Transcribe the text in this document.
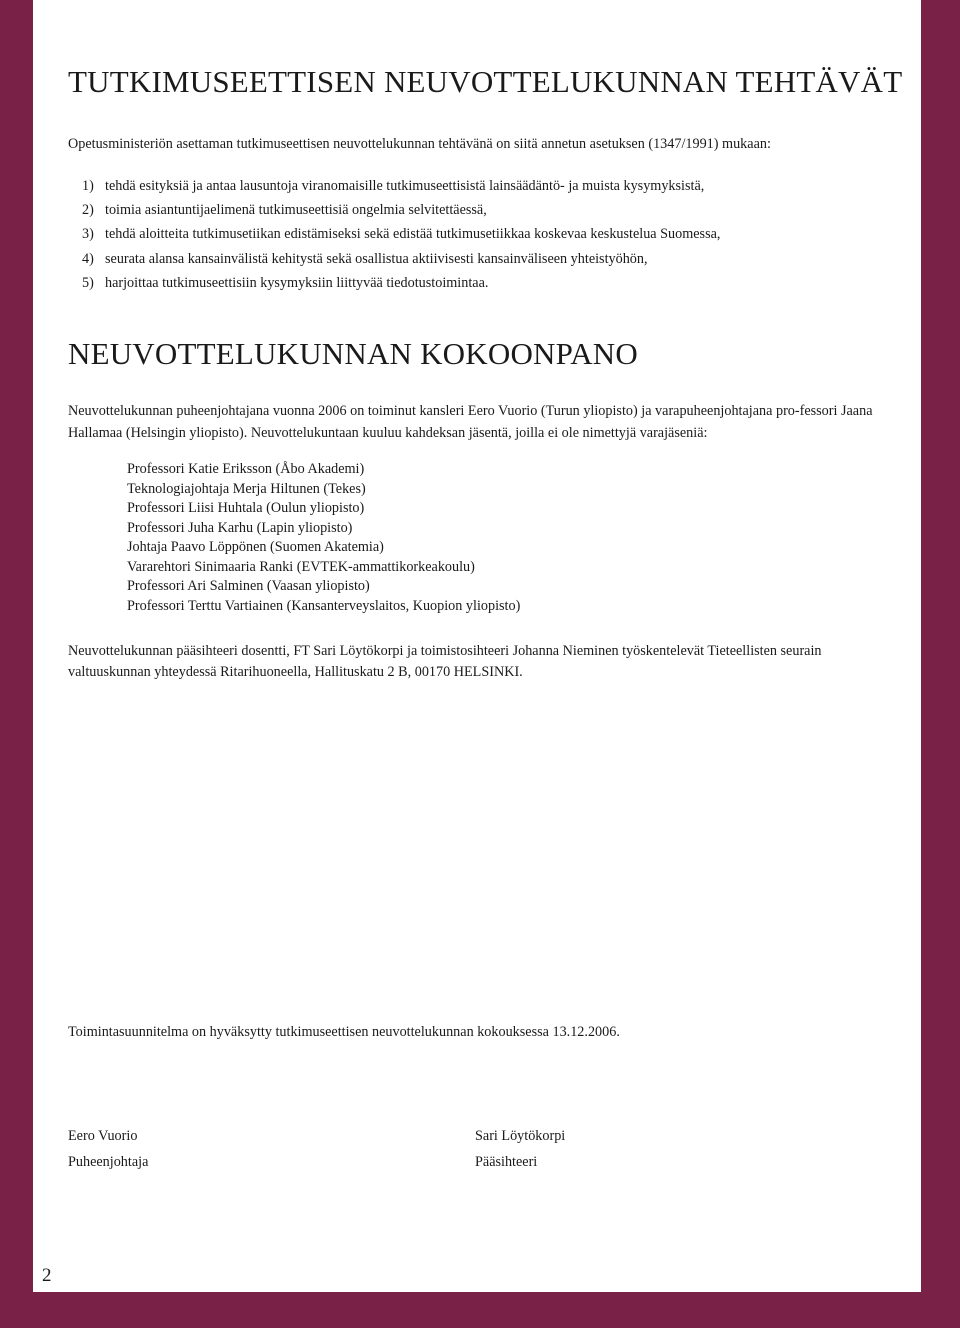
TUTKIMUSEETTISEN NEUVOTTELUKUNNAN TEHTÄVÄT

Opetusministeriön asettaman tutkimuseettisen neuvottelukunnan tehtävänä on siitä annetun asetuksen (1347/1991) mukaan:

1) tehdä esityksiä ja antaa lausuntoja viranomaisille tutkimuseettisistä lainsäädäntö- ja muista kysymyksistä,
2) toimia asiantuntijaelimenä tutkimuseettisiä ongelmia selvitettäessä,
3) tehdä aloitteita tutkimusetiikan edistämiseksi sekä edistää tutkimusetiikkaa koskevaa keskustelua Suomessa,
4) seurata alansa kansainvälistä kehitystä sekä osallistua aktiivisesti kansainväliseen yhteistyöhön,
5) harjoittaa tutkimuseettisiin kysymyksiin liittyvää tiedotustoimintaa.
NEUVOTTELUKUNNAN KOKOONPANO

Neuvottelukunnan puheenjohtajana vuonna 2006 on toiminut kansleri Eero Vuorio (Turun yliopisto) ja varapuheenjohtajana pro-fessori Jaana Hallamaa (Helsingin yliopisto). Neuvottelukuntaan kuuluu kahdeksan jäsentä, joilla ei ole nimettyjä varajäseniä:

Professori Katie Eriksson (Åbo Akademi)
Teknologiajohtaja Merja Hiltunen (Tekes)
Professori Liisi Huhtala (Oulun yliopisto)
Professori Juha Karhu (Lapin yliopisto)
Johtaja Paavo Löppönen (Suomen Akatemia)
Vararehtori Sinimaaria Ranki (EVTEK-ammattikorkeakoulu)
Professori Ari Salminen (Vaasan yliopisto)
Professori Terttu Vartiainen (Kansanterveyslaitos, Kuopion yliopisto)

Neuvottelukunnan pääsihteeri dosentti, FT Sari Löytökorpi ja toimistosihteeri Johanna Nieminen työskentelevät Tieteellisten seurain valtuuskunnan yhteydessä Ritarihuoneella, Hallituskatu 2 B, 00170 HELSINKI.

Toimintasuunnitelma on hyväksytty tutkimuseettisen neuvottelukunnan kokouksessa 13.12.2006.

Eero Vuorio
Puheenjohtaja
Sari Löytökorpi
Pääsihteeri
2
